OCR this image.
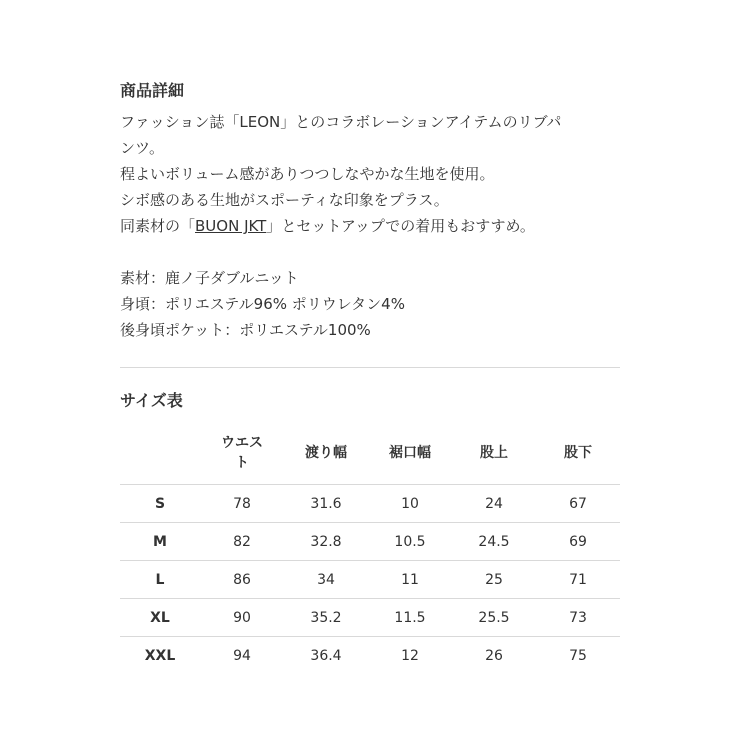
商品詳細
ファッション誌「LEON」とのコラボレーションアイテムのリブパ
ンツ。
程よいボリューム感がありつつしなやかな生地を使用。
シボ感のある生地がスポーティな印象をプラス。
同素材の「BUON JKT」とセットアップでの着用もおすすめ。
素材：鹿ノ子ダブルニット
身頃：ポリエステル96% ポリウレタン4%
後身頃ポケット：ポリエステル100%
サイズ表
	ウエスト	渡り幅	裾口幅	股上	股下
S	78	31.6	10	24	67
M	82	32.8	10.5	24.5	69
L	86	34	11	25	71
XL	90	35.2	11.5	25.5	73
XXL	94	36.4	12	26	75
